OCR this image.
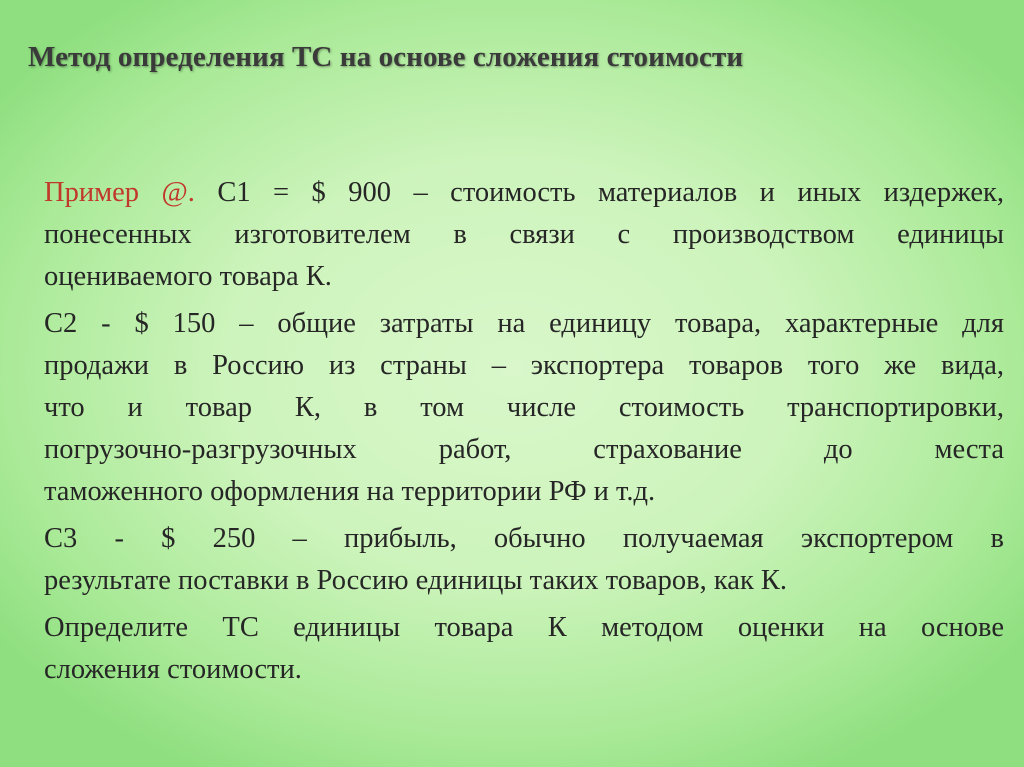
Метод определения ТС на основе сложения стоимости

Пример @. С1 = $ 900 – стоимость материалов и иных издержек,
понесенных изготовителем в связи с производством единицы
оцениваемого товара К.

С2 - $ 150 – общие затраты на единицу товара, характерные для
продажи в Россию из страны – экспортера товаров того же вида,
что и товар К, в том числе стоимость транспортировки,
погрузочно-разгрузочных работ, страхование до места
таможенного оформления на территории РФ и т.д.

С3 - $ 250 – прибыль, обычно получаемая экспортером в
результате поставки в Россию единицы таких товаров, как К.

Определите ТС единицы товара К методом оценки на основе
сложения стоимости.
